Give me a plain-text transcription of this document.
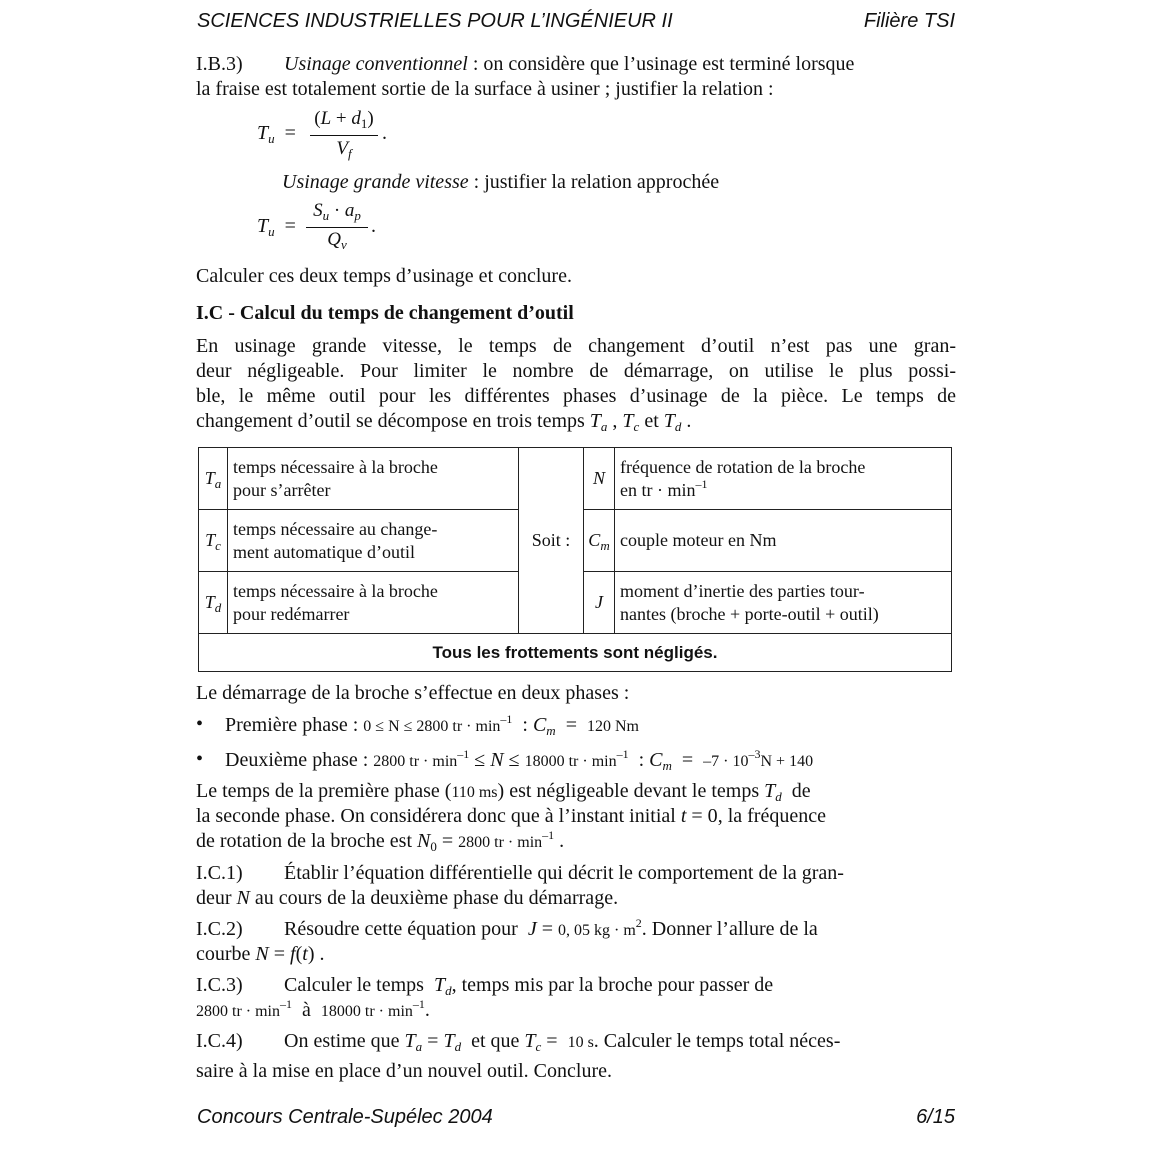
SCIENCES INDUSTRIELLES POUR L’INGÉNIEUR II	Filière TSI
I.B.3) Usinage conventionnel : on considère que l’usinage est terminé lorsque
la fraise est totalement sortie de la surface à usiner ; justifier la relation :
$T_u$  =
$(L + d_1)$
$V_f$
.
Usinage grande vitesse : justifier la relation approchée
$T_u$  =
$S_u \cdot a_p$
$Q_v$
.
Calculer ces deux temps d’usinage et conclure.
I.C - Calcul du temps de changement d’outil
En usinage grande vitesse, le temps de changement d’outil n’est pas une gran-
deur négligeable. Pour limiter le nombre de démarrage, on utilise le plus possi-
ble, le même outil pour les différentes phases d’usinage de la pièce. Le temps de
changement d’outil se décompose en trois temps $T_a$ , $T_c$ et $T_d$ .
$T_a$	temps nécessaire à la broche
pour s’arrêter	Soit :	N	fréquence de rotation de la broche
en tr · $\min^{-1}$
$T_c$	temps nécessaire au change-
ment automatique d’outil		$C_m$	couple moteur en Nm
$T_d$	temps nécessaire à la broche
pour redémarrer		J	moment d’inertie des parties tour-
nantes (broche + porte-outil + outil)
Tous les frottements sont négligés.				
Le démarrage de la broche s’effectue en deux phases :
• Première phase : 0 ≤ N ≤ 2800 tr · $\min^{-1}$  : $C_m = 120$ Nm
• Deuxième phase : 2800 tr · $\min^{-1} \le N \le 18000$ tr · $\min^{-1}$  : $C_m = -7 \cdot 10^{-3}N + 140$
Le temps de la première phase (110 ms) est négligeable devant le temps $T_d$ de
la seconde phase. On considérera donc que à l’instant initial t = 0, la fréquence
de rotation de la broche est $N_0 = 2800$ tr · $\min^{-1}$ .
I.C.1) Établir l’équation différentielle qui décrit le comportement de la gran-
deur N au cours de la deuxième phase du démarrage.
I.C.2) Résoudre cette équation pour J = 0, 05 kg · $m^2$. Donner l’allure de la
courbe N = f(t) .
I.C.3) Calculer le temps $T_d$, temps mis par la broche pour passer de
2800 tr · $\min^{-1}$ à 18000 tr · $\min^{-1}$.
I.C.4) On estime que $T_a = T_d$ et que $T_c = 10$ s. Calculer le temps total néces-
saire à la mise en place d’un nouvel outil. Conclure.
Concours Centrale-Supélec 2004	6/15
